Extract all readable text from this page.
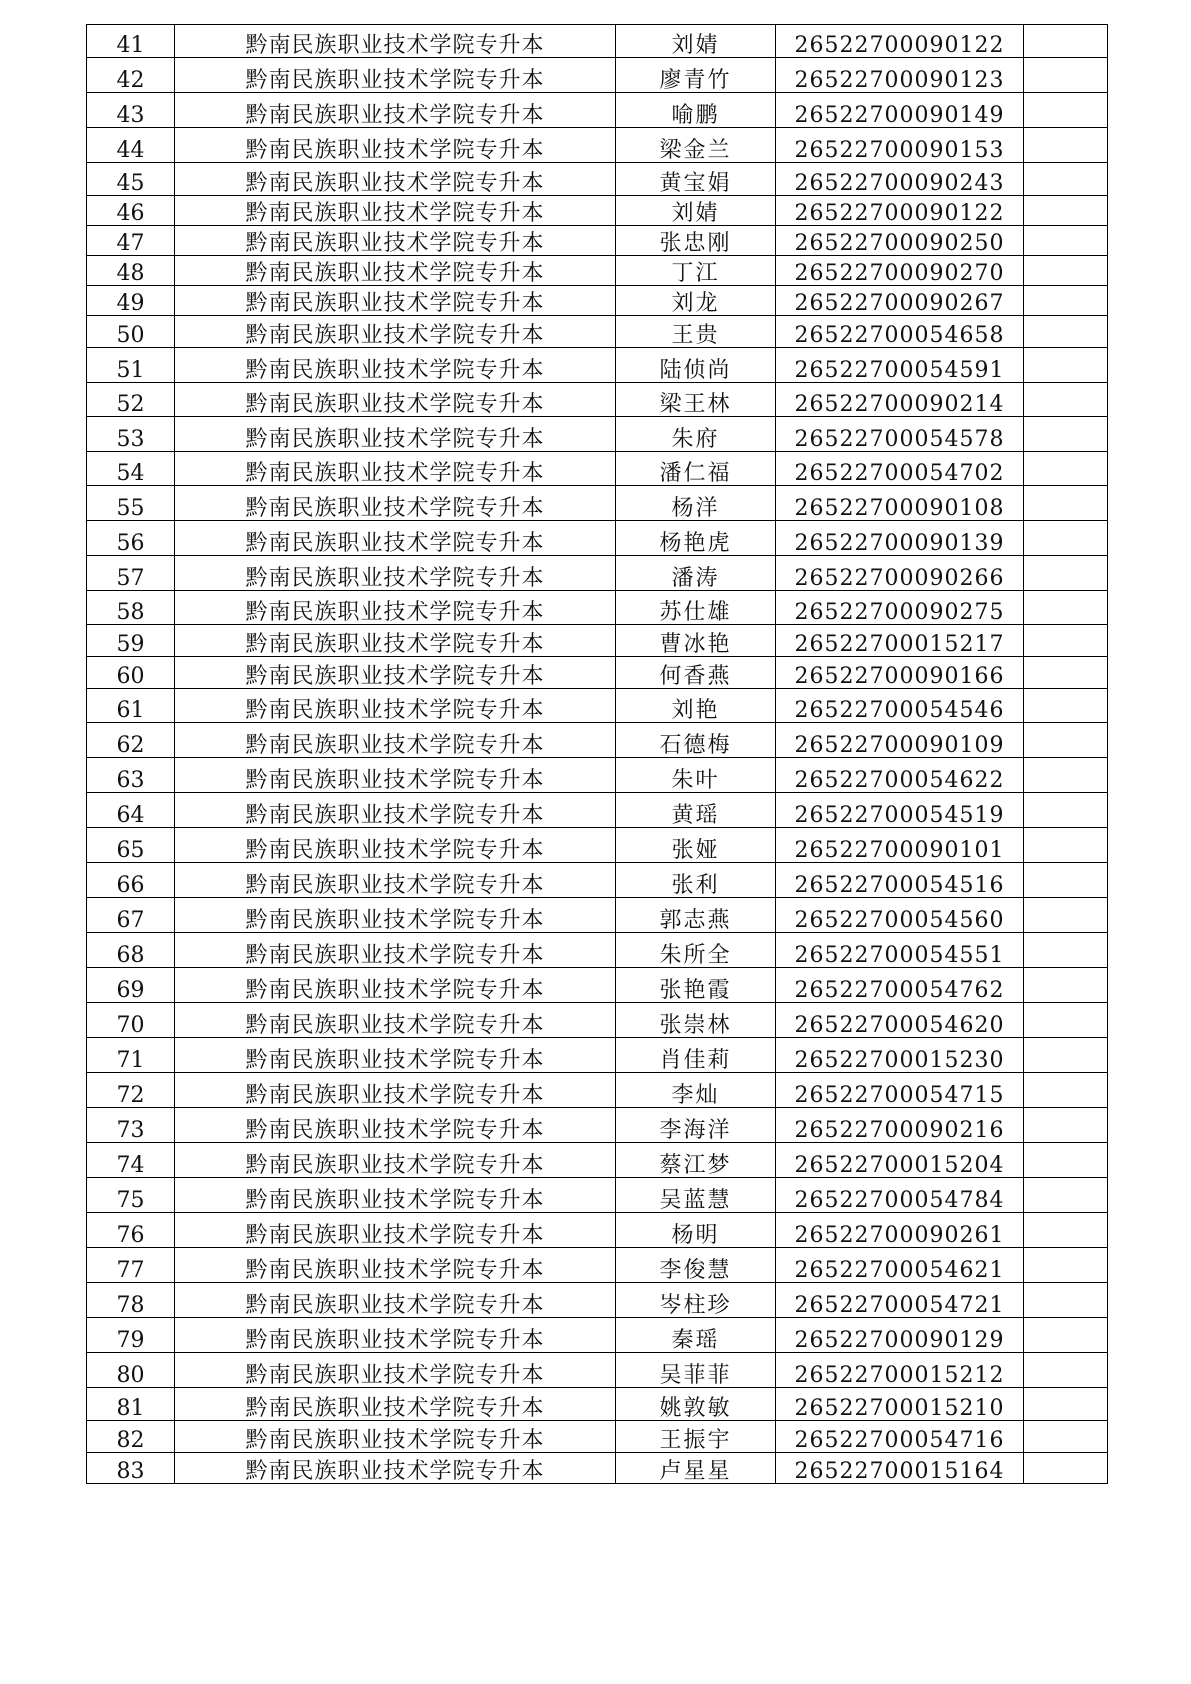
41	黔南民族职业技术学院专升本	刘婧	26522700090122	
42	黔南民族职业技术学院专升本	廖青竹	26522700090123	
43	黔南民族职业技术学院专升本	喻鹏	26522700090149	
44	黔南民族职业技术学院专升本	梁金兰	26522700090153	
45	黔南民族职业技术学院专升本	黄宝娟	26522700090243	
46	黔南民族职业技术学院专升本	刘婧	26522700090122	
47	黔南民族职业技术学院专升本	张忠刚	26522700090250	
48	黔南民族职业技术学院专升本	丁江	26522700090270	
49	黔南民族职业技术学院专升本	刘龙	26522700090267	
50	黔南民族职业技术学院专升本	王贵	26522700054658	
51	黔南民族职业技术学院专升本	陆侦尚	26522700054591	
52	黔南民族职业技术学院专升本	梁王林	26522700090214	
53	黔南民族职业技术学院专升本	朱府	26522700054578	
54	黔南民族职业技术学院专升本	潘仁福	26522700054702	
55	黔南民族职业技术学院专升本	杨洋	26522700090108	
56	黔南民族职业技术学院专升本	杨艳虎	26522700090139	
57	黔南民族职业技术学院专升本	潘涛	26522700090266	
58	黔南民族职业技术学院专升本	苏仕雄	26522700090275	
59	黔南民族职业技术学院专升本	曹冰艳	26522700015217	
60	黔南民族职业技术学院专升本	何香燕	26522700090166	
61	黔南民族职业技术学院专升本	刘艳	26522700054546	
62	黔南民族职业技术学院专升本	石德梅	26522700090109	
63	黔南民族职业技术学院专升本	朱叶	26522700054622	
64	黔南民族职业技术学院专升本	黄瑶	26522700054519	
65	黔南民族职业技术学院专升本	张娅	26522700090101	
66	黔南民族职业技术学院专升本	张利	26522700054516	
67	黔南民族职业技术学院专升本	郭志燕	26522700054560	
68	黔南民族职业技术学院专升本	朱所全	26522700054551	
69	黔南民族职业技术学院专升本	张艳霞	26522700054762	
70	黔南民族职业技术学院专升本	张崇林	26522700054620	
71	黔南民族职业技术学院专升本	肖佳莉	26522700015230	
72	黔南民族职业技术学院专升本	李灿	26522700054715	
73	黔南民族职业技术学院专升本	李海洋	26522700090216	
74	黔南民族职业技术学院专升本	蔡江梦	26522700015204	
75	黔南民族职业技术学院专升本	吴蓝慧	26522700054784	
76	黔南民族职业技术学院专升本	杨明	26522700090261	
77	黔南民族职业技术学院专升本	李俊慧	26522700054621	
78	黔南民族职业技术学院专升本	岑柱珍	26522700054721	
79	黔南民族职业技术学院专升本	秦瑶	26522700090129	
80	黔南民族职业技术学院专升本	吴菲菲	26522700015212	
81	黔南民族职业技术学院专升本	姚敦敏	26522700015210	
82	黔南民族职业技术学院专升本	王振宇	26522700054716	
83	黔南民族职业技术学院专升本	卢星星	26522700015164	
